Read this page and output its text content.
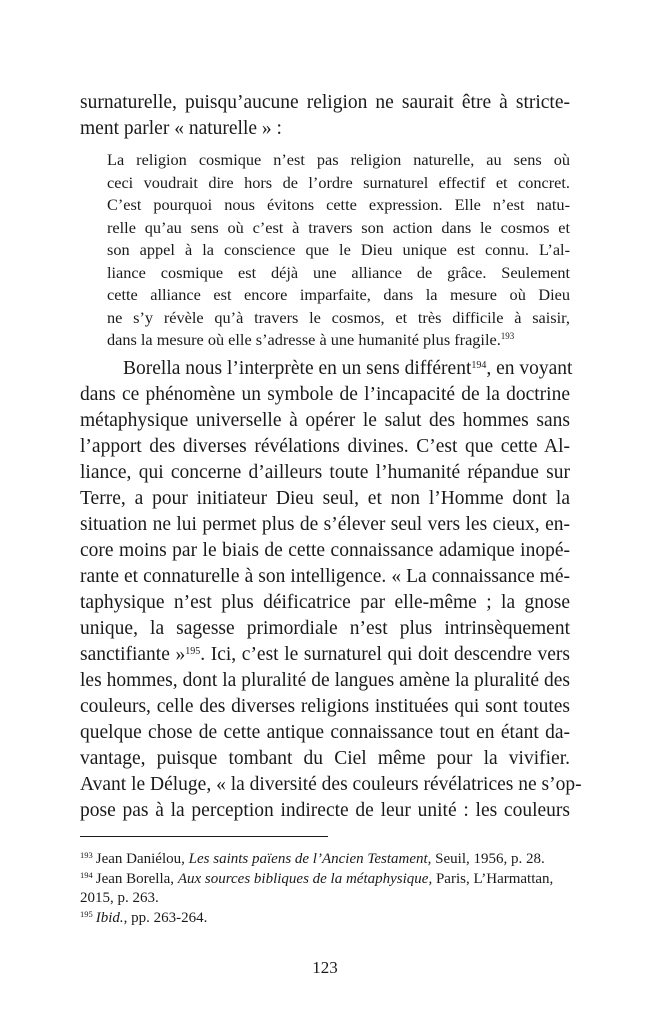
surnaturelle, puisqu’aucune religion ne saurait être à stricte-
ment parler « naturelle » :
La religion cosmique n’est pas religion naturelle, au sens où
ceci voudrait dire hors de l’ordre surnaturel effectif et concret.
C’est pourquoi nous évitons cette expression. Elle n’est natu-
relle qu’au sens où c’est à travers son action dans le cosmos et
son appel à la conscience que le Dieu unique est connu. L’al-
liance cosmique est déjà une alliance de grâce. Seulement
cette alliance est encore imparfaite, dans la mesure où Dieu
ne s’y révèle qu’à travers le cosmos, et très difficile à saisir,
dans la mesure où elle s’adresse à une humanité plus fragile.$^{193}$
Borella nous l’interprète en un sens différent$^{194}$, en voyant
dans ce phénomène un symbole de l’incapacité de la doctrine
métaphysique universelle à opérer le salut des hommes sans
l’apport des diverses révélations divines. C’est que cette Al-
liance, qui concerne d’ailleurs toute l’humanité répandue sur
Terre, a pour initiateur Dieu seul, et non l’Homme dont la
situation ne lui permet plus de s’élever seul vers les cieux, en-
core moins par le biais de cette connaissance adamique inopé-
rante et connaturelle à son intelligence. « La connaissance mé-
taphysique n’est plus déificatrice par elle-même ; la gnose
unique, la sagesse primordiale n’est plus intrinsèquement
sanctifiante »$^{195}$. Ici, c’est le surnaturel qui doit descendre vers
les hommes, dont la pluralité de langues amène la pluralité des
couleurs, celle des diverses religions instituées qui sont toutes
quelque chose de cette antique connaissance tout en étant da-
vantage, puisque tombant du Ciel même pour la vivifier.
Avant le Déluge, « la diversité des couleurs révélatrices ne s’op-
pose pas à la perception indirecte de leur unité : les couleurs
$^{193}$ Jean Daniélou, Les saints païens de l’Ancien Testament, Seuil, 1956, p. 28.
$^{194}$ Jean Borella, Aux sources bibliques de la métaphysique, Paris, L’Harmattan,
2015, p. 263.
$^{195}$ Ibid., pp. 263-264.
123
